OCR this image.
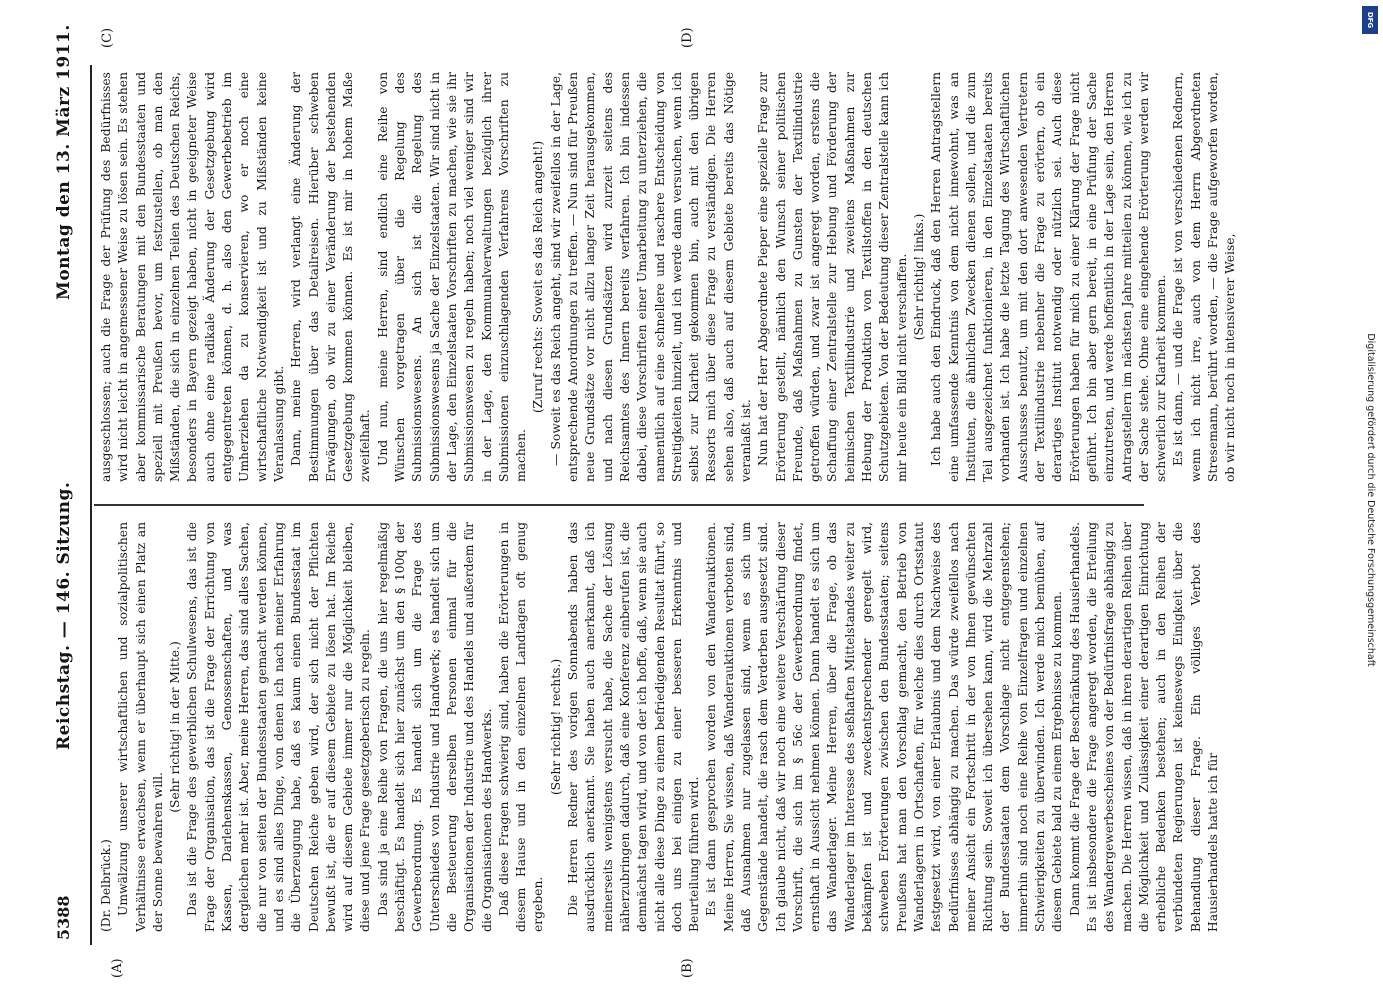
5388
Reichstag. — 146. Sitzung.
Montag den 13. März 1911.
(A)	(B)
(C)	(D)

(Dr. Delbrück.) Umwälzung unserer wirtschaftlichen und sozialpolitischen Verhältnisse erwachsen, wenn er überhaupt sich einen Platz an der Sonne bewahren will.

(Sehr richtig! in der Mitte.) Das ist die Frage des gewerblichen Schulwesens, das ist die Frage der Organisation, das ist die Frage der Errichtung von Kassen, Darlehenskassen, Genossenschaften, und was dergleichen mehr ist. Aber, meine Herren, das sind alles Sachen, die nur von seiten der Bundesstaaten gemacht werden können, und es sind alles Dinge, von denen ich nach meiner Erfahrung die Überzeugung habe, daß es kaum einen Bundesstaat im Deutschen Reiche geben wird, der sich nicht der Pflichten bewußt ist, die er auf diesem Gebiete zu lösen hat. Im Reiche wird auf diesem Gebiete immer nur die Möglichkeit bleiben, diese und jene Frage gesetzgeberisch zu regeln. Das sind ja eine Reihe von Fragen, die uns hier regelmäßig beschäftigt. Es handelt sich hier zunächst um den § 100q der Gewerbeordnung. Es handelt sich um die Frage des Unterschiedes von Industrie und Handwerk; es handelt sich um die Besteuerung derselben Personen einmal für die Organisationen der Industrie und des Handels und außerdem für die Organisationen des Handwerks. Daß diese Fragen schwierig sind, haben die Erörterungen in diesem Hause und in den einzelnen Landtagen oft genug ergeben.

(Sehr richtig! rechts.) Die Herren Redner des vorigen Sonnabends haben das ausdrücklich anerkannt. Sie haben auch anerkannt, daß ich meinerseits wenigstens versucht habe, die Sache der Lösung näherzubringen dadurch, daß eine Konferenz einberufen ist, die demnächst tagen wird, und von der ich hoffe, daß, wenn sie auch nicht alle diese Dinge zu einem befriedigenden Resultat führt, so doch uns bei einigen zu einer besseren Erkenntnis und Beurteilung führen wird. Es ist dann gesprochen worden von den Wanderauktionen. Meine Herren, Sie wissen, daß Wanderauktionen verboten sind, daß Ausnahmen nur zugelassen sind, wenn es sich um Gegenstände handelt, die rasch dem Verderben ausgesetzt sind. Ich glaube nicht, daß wir noch eine weitere Verschärfung dieser Vorschrift, die sich im § 56c der Gewerbeordnung findet, ernsthaft in Aussicht nehmen können. Dann handelt es sich um das Wanderlager. Meine Herren, über die Frage, ob das Wanderlager im Interesse des seßhaften Mittelstandes weiter zu bekämpfen ist und zweckentsprechender geregelt wird, schweben Erörterungen zwischen den Bundesstaaten; seitens Preußens hat man den Vorschlag gemacht, den Betrieb von Wanderlagern in Ortschaften, für welche dies durch Ortsstatut festgesetzt wird, von einer Erlaubnis und dem Nachweise des Bedürfnisses abhängig zu machen. Das würde zweifellos nach meiner Ansicht ein Fortschritt in der von Ihnen gewünschten Richtung sein. Soweit ich übersehen kann, wird die Mehrzahl der Bundesstaaten dem Vorschlage nicht entgegenstehen; immerhin sind noch eine Reihe von Einzelfragen und einzelnen Schwierigkeiten zu überwinden. Ich werde mich bemühen, auf diesem Gebiete bald zu einem Ergebnisse zu kommen. Dann kommt die Frage der Beschränkung des Hausierhandels. Es ist insbesondere die Frage angeregt worden, die Erteilung des Wandergewerbescheines von der Bedürfnisfrage abhängig zu machen. Die Herren wissen, daß in ihren derartigen Reihen über die Möglichkeit und Zulässigkeit einer derartigen Einrichtung erhebliche Bedenken bestehen; auch in den Reihen der verbündeten Regierungen ist keineswegs Einigkeit über die Behandlung dieser Frage. Ein völliges Verbot des Hausierhandels hatte ich für

ausgeschlossen; auch die Frage der Prüfung des Bedürfnisses wird nicht leicht in angemessener Weise zu lösen sein. Es stehen aber kommissarische Beratungen mit den Bundesstaaten und speziell mit Preußen bevor, um festzustellen, ob man den Mißständen, die sich in einzelnen Teilen des Deutschen Reichs, besonders in Bayern gezeigt haben, nicht in geeigneter Weise auch ohne eine radikale Änderung der Gesetzgebung wird entgegentreten können, d. h. also den Gewerbebetrieb im Umherziehen da zu konservieren, wo er noch eine wirtschaftliche Notwendigkeit ist und zu Mißständen keine Veranlassung gibt. Dann, meine Herren, wird verlangt eine Änderung der Bestimmungen über das Detailreisen. Hierüber schweben Erwägungen, ob wir zu einer Veränderung der bestehenden Gesetzgebung kommen können. Es ist mir in hohem Maße zweifelhaft. Und nun, meine Herren, sind endlich eine Reihe von Wünschen vorgetragen über die Regelung des Submissionswesens. An sich ist die Regelung des Submissionswesens ja Sache der Einzelstaaten. Wir sind nicht in der Lage, den Einzelstaaten Vorschriften zu machen, wie sie ihr Submissionswesen zu regeln haben; noch viel weniger sind wir in der Lage, den Kommunalverwaltungen bezüglich ihrer Submissionen einzuschlagenden Verfahrens Vorschriften zu machen.

(Zuruf rechts: Soweit es das Reich angeht!) — Soweit es das Reich angeht, sind wir zweifellos in der Lage, entsprechende Anordnungen zu treffen. — Nun sind für Preußen neue Grundsätze vor nicht allzu langer Zeit herausgekommen, und nach diesen Grundsätzen wird zurzeit seitens des Reichsamtes des Innern bereits verfahren. Ich bin indessen dabei, diese Vorschriften einer Umarbeitung zu unterziehen, die namentlich auf eine schnellere und raschere Entscheidung von Streitigkeiten hinzielt, und ich werde dann versuchen, wenn ich selbst zur Klarheit gekommen bin, auch mit den übrigen Ressorts mich über diese Frage zu verständigen. Die Herren sehen also, daß auch auf diesem Gebiete bereits das Nötige veranlaßt ist. Nun hat der Herr Abgeordnete Pieper eine spezielle Frage zur Erörterung gestellt, nämlich den Wunsch seiner politischen Freunde, daß Maßnahmen zu Gunsten der Textilindustrie getroffen würden, und zwar ist angeregt worden, erstens die Schaffung einer Zentralstelle zur Hebung und Förderung der heimischen Textilindustrie und zweitens Maßnahmen zur Hebung der Produktion von Textilstoffen in den deutschen Schutzgebieten. Von der Bedeutung dieser Zentralstelle kann ich mir heute ein Bild nicht verschaffen. (Sehr richtig! links.) Ich habe auch den Eindruck, daß den Herren Antragstellern eine umfassende Kenntnis von dem nicht innewohnt, was an Instituten, die ähnlichen Zwecken dienen sollen, und die zum Teil ausgezeichnet funktionieren, in den Einzelstaaten bereits vorhanden ist. Ich habe die letzte Tagung des Wirtschaftlichen Ausschusses benutzt, um mit den dort anwesenden Vertretern der Textilindustrie nebenher die Frage zu erörtern, ob ein derartiges Institut notwendig oder nützlich sei. Auch diese Erörterungen haben für mich zu einer Klärung der Frage nicht geführt. Ich bin aber gern bereit, in eine Prüfung der Sache einzutreten, und werde hoffentlich in der Lage sein, den Herren Antragstellern im nächsten Jahre mitteilen zu können, wie ich zu der Sache stehe. Ohne eine eingehende Erörterung werden wir schwerlich zur Klarheit kommen. Es ist dann, — und die Frage ist von verschiedenen Rednern, wenn ich nicht irre, auch von dem Herrn Abgeordneten Stresemann, berührt worden, — die Frage aufgeworfen worden, ob wir nicht noch in intensiverer Weise,	Digitalisierung gefördert durch die Deutsche Forschungsgemeinschaft
DFG
